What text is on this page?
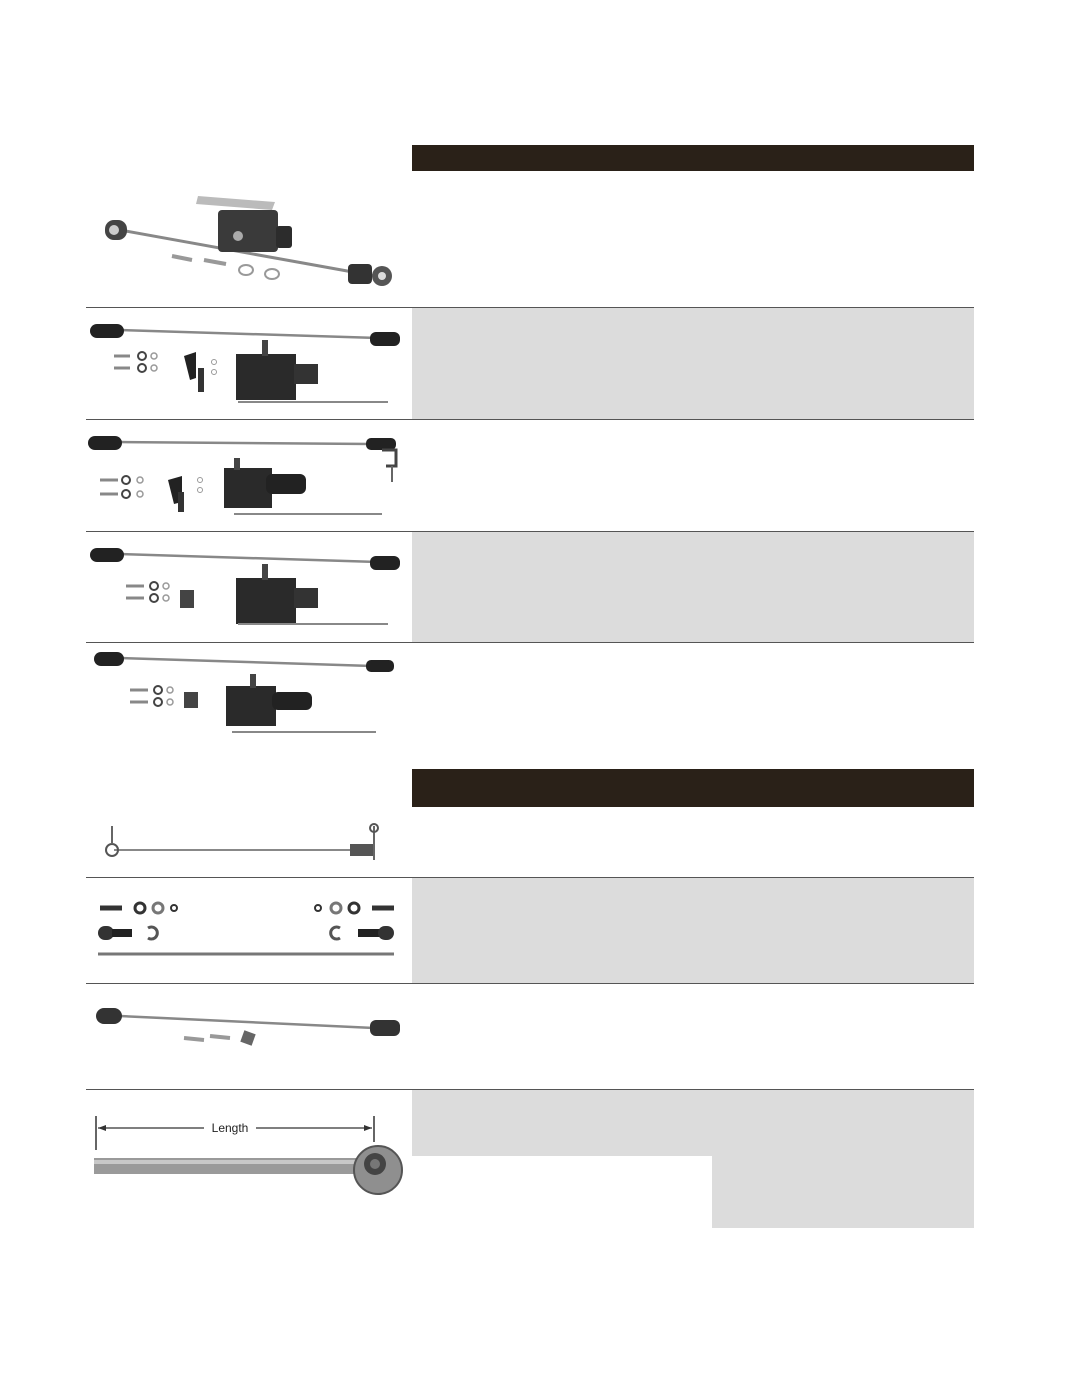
Length
